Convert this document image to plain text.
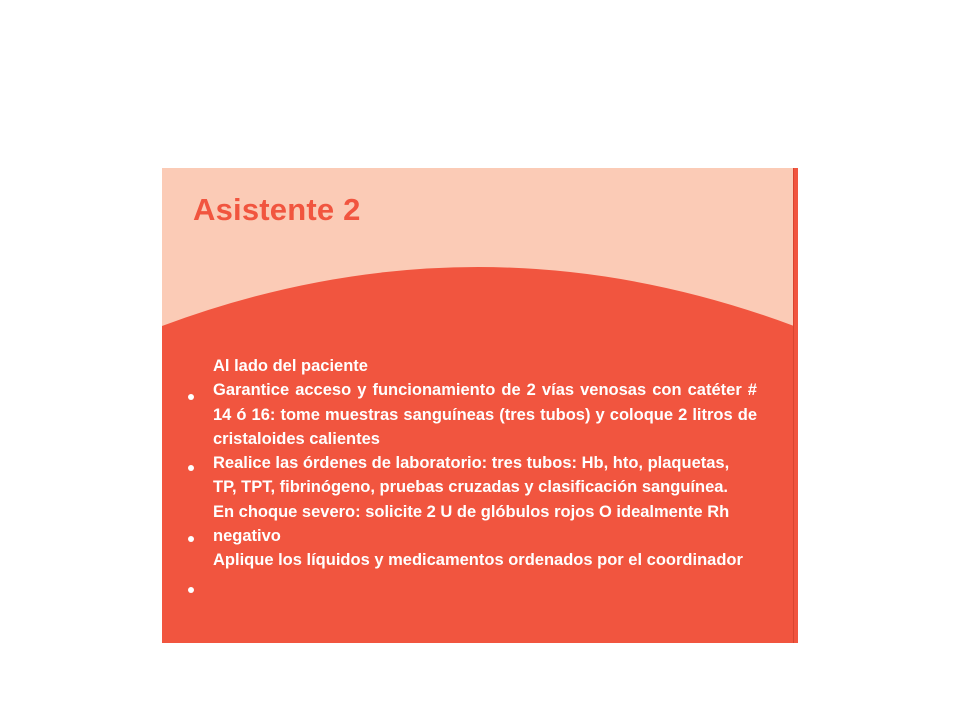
Asistente 2

Al lado del paciente

Garantice acceso y funcionamiento de 2 vías venosas con catéter # 14 ó 16: tome muestras sanguíneas (tres tubos) y coloque 2 litros de cristaloides calientes

Realice las órdenes de laboratorio: tres tubos: Hb, hto, plaquetas, TP, TPT, fibrinógeno, pruebas cruzadas y clasificación sanguínea.

En choque severo: solicite 2 U de glóbulos rojos O idealmente Rh negativo

Aplique los líquidos y medicamentos ordenados por el coordinador
